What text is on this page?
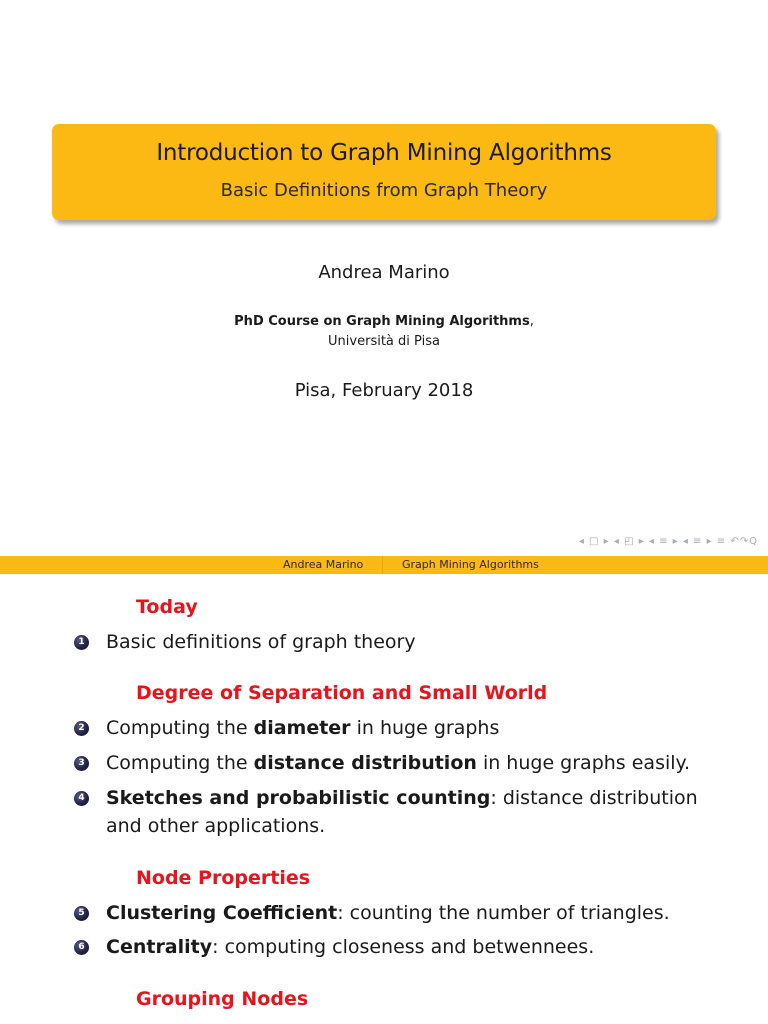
Introduction to Graph Mining Algorithms
Basic Definitions from Graph Theory
Andrea Marino
PhD Course on Graph Mining Algorithms,
Università di Pisa
Pisa, February 2018
◂ □ ▸ ◂ ◰ ▸ ◂ ≡ ▸ ◂ ≡ ▸ ≡ ↶↷Q
Andrea Marino	Graph Mining Algorithms
Today
1 Basic definitions of graph theory
Degree of Separation and Small World
2 Computing the diameter in huge graphs
3 Computing the distance distribution in huge graphs easily.
4 Sketches and probabilistic counting: distance distribution and other applications.
Node Properties
5 Clustering Coefficient: counting the number of triangles.
6 Centrality: computing closeness and betwennees.
Grouping Nodes
